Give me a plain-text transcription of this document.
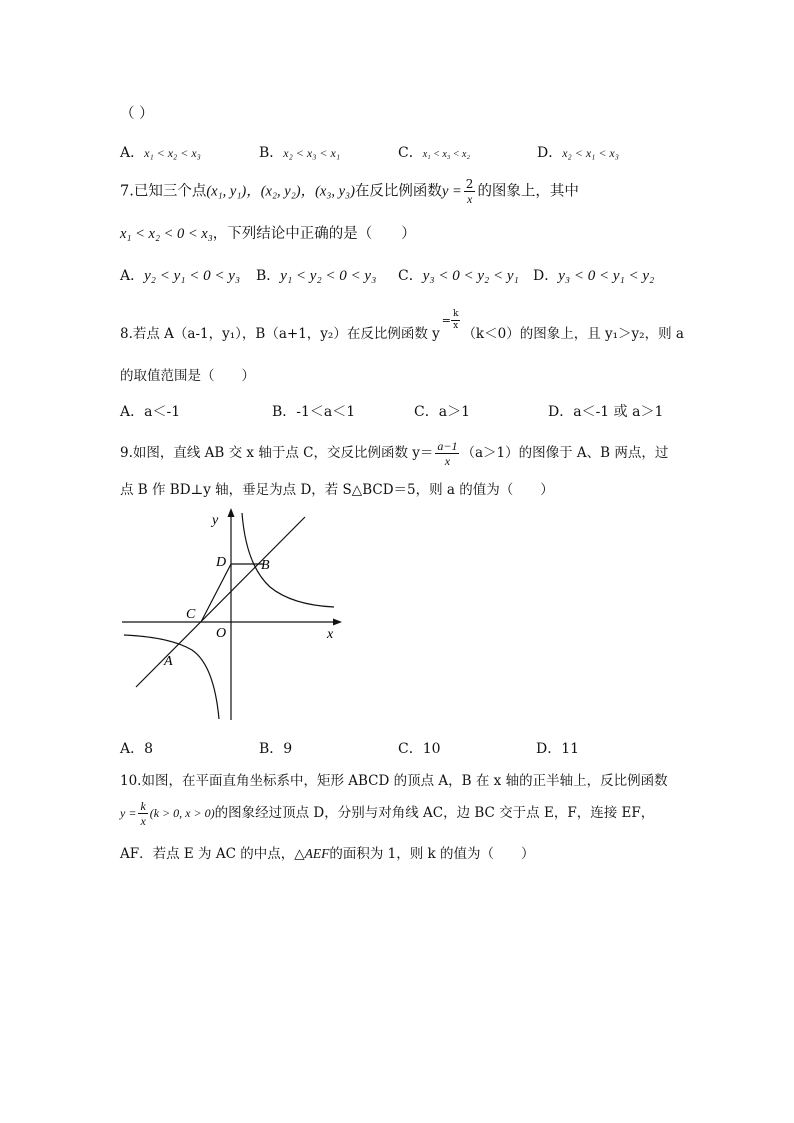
（ ）
A．x₁ < x₂ < x₃	B．x₂ < x₃ < x₁	C．x₁ < x₃ < x₂	D．x₂ < x₁ < x₃
7.已知三个点(x₁, y₁)，(x₂, y₂)，(x₃, y₃)在反比例函数$y = \frac{2}{x}$ 的图象上，其中
x₁ < x₂ < 0 < x₃，下列结论中正确的是（　　）
A．y₂ < y₁ < 0 < y₃ B．y₁ < y₂ < 0 < y₃ C．y₃ < 0 < y₂ < y₁ D．y₃ < 0 < y₁ < y₂
8.若点 A（a-1，y₁），B（a+1，y₂）在反比例函数 $y= \frac{k}{x}$
（k＜0）的图象上，且 y₁＞y₂，则 a
的取值范围是（　　）
A．a＜-1	B．-1＜a＜1	C．a＞1	D．a＜-1 或 a＞1
9.如图，直线 AB 交 x 轴于点 C，交反比例函数 $y= \frac{a-1}{x} (a>1)$的图像于 A、B 两点，过
点 B 作 BD⊥y 轴，垂足为点 D，若 S△BCD＝5，则 a 的值为（　　）
y
x
D B
C
O
A
A．8	B．9	C．10	D．11
10.如图，在平面直角坐标系中，矩形 ABCD 的顶点 A，B 在 x 轴的正半轴上，反比例函数
$y = \frac{k}{x} (k > 0$, x > 0)的图象经过顶点 D，分别与对角线 AC，边 BC 交于点 E，F，连接 EF，
AF．若点 E 为 AC 的中点，△AEF的面积为 1，则 k 的值为（　　）
